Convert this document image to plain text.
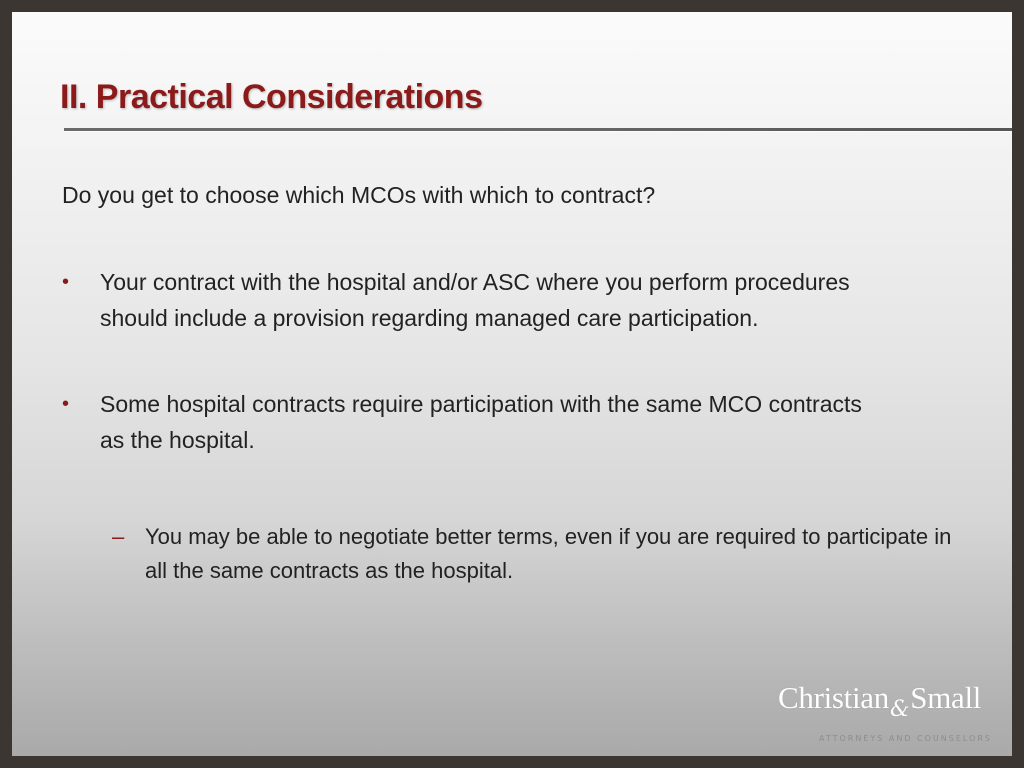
II. Practical Considerations

Do you get to choose which MCOs with which to contract?

•	Your contract with the hospital and/or ASC where you perform procedures should include a provision regarding managed care participation.
•	Some hospital contracts require participation with the same MCO contracts as the hospital.
– You may be able to negotiate better terms, even if you are required to participate in all the same contracts as the hospital.
Christian$_{\&}$Small
ATTORNEYS AND COUNSELORS
